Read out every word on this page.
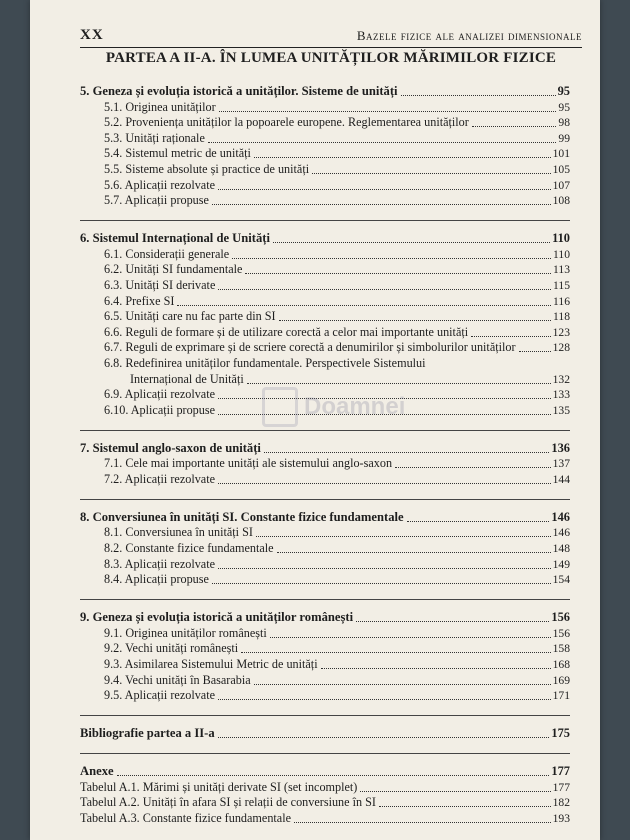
XX	Bazele fizice ale analizei dimensionale
PARTEA A II-A. ÎN LUMEA UNITĂȚILOR MĂRIMILOR FIZICE
5. Geneza și evoluția istorică a unităților. Sisteme de unități	95
5.1. Originea unităților	95
5.2. Proveniența unităților la popoarele europene. Reglementarea unităților	98
5.3. Unități raționale	99
5.4. Sistemul metric de unități	101
5.5. Sisteme absolute și practice de unități	105
5.6. Aplicații rezolvate	107
5.7. Aplicații propuse	108
6. Sistemul Internațional de Unități	110
6.1. Considerații generale	110
6.2. Unități SI fundamentale	113
6.3. Unități SI derivate	115
6.4. Prefixe SI	116
6.5. Unități care nu fac parte din SI	118
6.6. Reguli de formare și de utilizare corectă a celor mai importante unități	123
6.7. Reguli de exprimare și de scriere corectă a denumirilor și simbolurilor unităților	128
6.8. Redefinirea unităților fundamentale. Perspectivele Sistemului
Internațional de Unități	132
6.9. Aplicații rezolvate	133
6.10. Aplicații propuse	135
7. Sistemul anglo-saxon de unități	136
7.1. Cele mai importante unități ale sistemului anglo-saxon	137
7.2. Aplicații rezolvate	144
8. Conversiunea în unități SI. Constante fizice fundamentale	146
8.1. Conversiunea în unități SI	146
8.2. Constante fizice fundamentale	148
8.3. Aplicații rezolvate	149
8.4. Aplicații propuse	154
9. Geneza și evoluția istorică a unităților românești	156
9.1. Originea unităților românești	156
9.2. Vechi unități românești	158
9.3. Asimilarea Sistemului Metric de unități	168
9.4. Vechi unități în Basarabia	169
9.5. Aplicații rezolvate	171
Bibliografie partea a II-a	175
Anexe	177
Tabelul A.1. Mărimi și unități derivate SI (set incomplet)	177
Tabelul A.2. Unități în afara SI și relații de conversiune în SI	182
Tabelul A.3. Constante fizice fundamentale	193
Doamnei
